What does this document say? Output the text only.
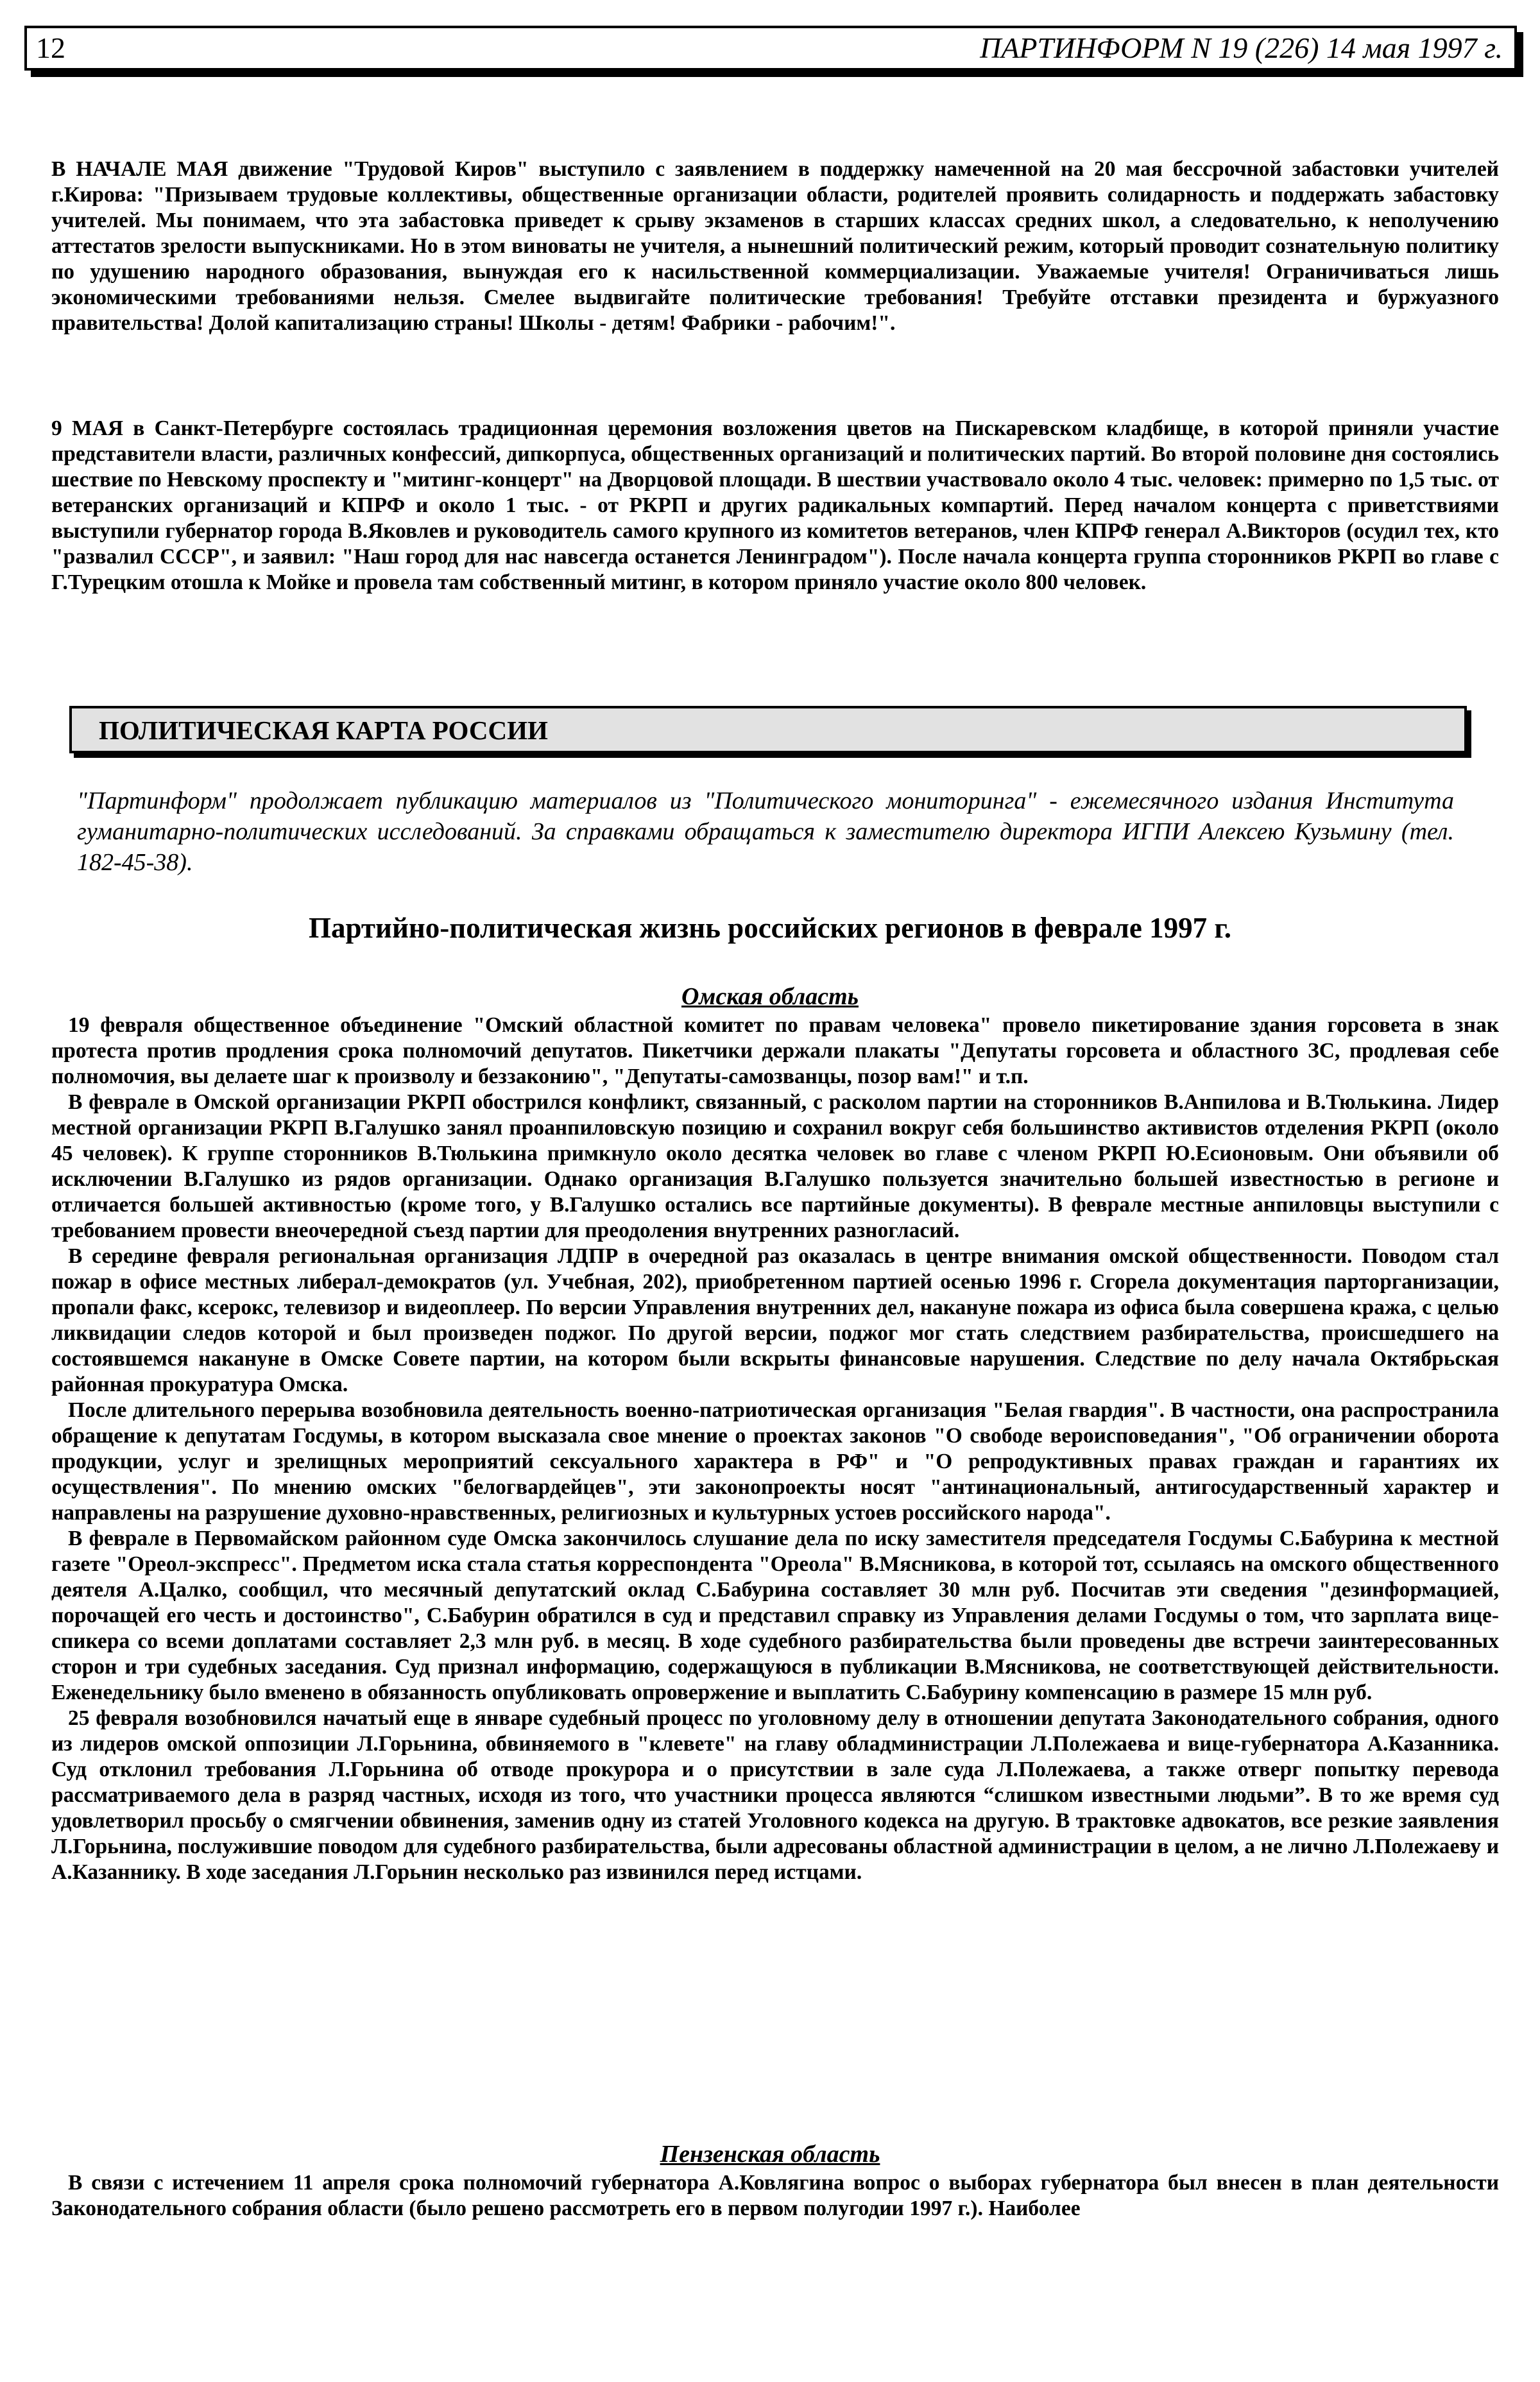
12	ПАРТИНФОРМ N 19 (226) 14 мая 1997 г.

В НАЧАЛЕ МАЯ движение "Трудовой Киров" выступило с заявлением в поддержку намеченной на 20 мая бессрочной забастовки учителей г.Кирова: "Призываем трудовые коллективы, общественные организации области, родителей проявить солидарность и поддержать забастовку учителей. Мы понимаем, что эта забастовка приведет к срыву экзаменов в старших классах средних школ, а следовательно, к неполучению аттестатов зрелости выпускниками. Но в этом виноваты не учителя, а нынешний политический режим, который проводит сознательную политику по удушению народного образования, вынуждая его к насильственной коммерциализации. Уважаемые учителя! Ограничиваться лишь экономическими требованиями нельзя. Смелее выдвигайте политические требования! Требуйте отставки президента и буржуазного правительства! Долой капитализацию страны! Школы - детям! Фабрики - рабочим!".

9 МАЯ в Санкт-Петербурге состоялась традиционная церемония возложения цветов на Пискаревском кладбище, в которой приняли участие представители власти, различных конфессий, дипкорпуса, общественных организаций и политических партий. Во второй половине дня состоялись шествие по Невскому проспекту и "митинг-концерт" на Дворцовой площади. В шествии участвовало около 4 тыс. человек: примерно по 1,5 тыс. от ветеранских организаций и КПРФ и около 1 тыс. - от РКРП и других радикальных компартий. Перед началом концерта с приветствиями выступили губернатор города В.Яковлев и руководитель самого крупного из комитетов ветеранов, член КПРФ генерал А.Викторов (осудил тех, кто "развалил СССР", и заявил: "Наш город для нас навсегда останется Ленинградом"). После начала концерта группа сторонников РКРП во главе с Г.Турецким отошла к Мойке и провела там собственный митинг, в котором приняло участие около 800 человек.

ПОЛИТИЧЕСКАЯ КАРТА РОССИИ

"Партинформ" продолжает публикацию материалов из "Политического мониторинга" - ежемесячного издания Института гуманитарно-политических исследований. За справками обращаться к заместителю директора ИГПИ Алексею Кузьмину (тел. 182-45-38).

Партийно-политическая жизнь российских регионов в феврале 1997 г.
Омская область

19 февраля общественное объединение "Омский областной комитет по правам человека" провело пикетирование здания горсовета в знак протеста против продления срока полномочий депутатов. Пикетчики держали плакаты "Депутаты горсовета и областного ЗС, продлевая себе полномочия, вы делаете шаг к произволу и беззаконию", "Депутаты-самозванцы, позор вам!" и т.п.

В феврале в Омской организации РКРП обострился конфликт, связанный, с расколом партии на сторонников В.Анпилова и В.Тюлькина. Лидер местной организации РКРП В.Галушко занял проанпиловскую позицию и сохранил вокруг себя большинство активистов отделения РКРП (около 45 человек). К группе сторонников В.Тюлькина примкнуло около десятка человек во главе с членом РКРП Ю.Есионовым. Они объявили об исключении В.Галушко из рядов организации. Однако организация В.Галушко пользуется значительно большей известностью в регионе и отличается большей активностью (кроме того, у В.Галушко остались все партийные документы). В феврале местные анпиловцы выступили с требованием провести внеочередной съезд партии для преодоления внутренних разногласий.

В середине февраля региональная организация ЛДПР в очередной раз оказалась в центре внимания омской общественности. Поводом стал пожар в офисе местных либерал-демократов (ул. Учебная, 202), приобретенном партией осенью 1996 г. Сгорела документация парторганизации, пропали факс, ксерокс, телевизор и видеоплеер. По версии Управления внутренних дел, накануне пожара из офиса была совершена кража, с целью ликвидации следов которой и был произведен поджог. По другой версии, поджог мог стать следствием разбирательства, происшедшего на состоявшемся накануне в Омске Совете партии, на котором были вскрыты финансовые нарушения. Следствие по делу начала Октябрьская районная прокуратура Омска.

После длительного перерыва возобновила деятельность военно-патриотическая организация "Белая гвардия". В частности, она распространила обращение к депутатам Госдумы, в котором высказала свое мнение о проектах законов "О свободе вероисповедания", "Об ограничении оборота продукции, услуг и зрелищных мероприятий сексуального характера в РФ" и "О репродуктивных правах граждан и гарантиях их осуществления". По мнению омских "белогвардейцев", эти законопроекты носят "антинациональный, антигосударственный характер и направлены на разрушение духовно-нравственных, религиозных и культурных устоев российского народа".

В феврале в Первомайском районном суде Омска закончилось слушание дела по иску заместителя председателя Госдумы С.Бабурина к местной газете "Ореол-экспресс". Предметом иска стала статья корреспондента "Ореола" В.Мясникова, в которой тот, ссылаясь на омского общественного деятеля А.Цалко, сообщил, что месячный депутатский оклад С.Бабурина составляет 30 млн руб. Посчитав эти сведения "дезинформацией, порочащей его честь и достоинство", С.Бабурин обратился в суд и представил справку из Управления делами Госдумы о том, что зарплата вице-спикера со всеми доплатами составляет 2,3 млн руб. в месяц. В ходе судебного разбирательства были проведены две встречи заинтересованных сторон и три судебных заседания. Суд признал информацию, содержащуюся в публикации В.Мясникова, не соответствующей действительности. Еженедельнику было вменено в обязанность опубликовать опровержение и выплатить С.Бабурину компенсацию в размере 15 млн руб.

25 февраля возобновился начатый еще в январе судебный процесс по уголовному делу в отношении депутата Законодательного собрания, одного из лидеров омской оппозиции Л.Горьнина, обвиняемого в "клевете" на главу обладминистрации Л.Полежаева и вице-губернатора А.Казанника. Суд отклонил требования Л.Горьнина об отводе прокурора и о присутствии в зале суда Л.Полежаева, а также отверг попытку перевода рассматриваемого дела в разряд частных, исходя из того, что участники процесса являются “слишком известными людьми”. В то же время суд удовлетворил просьбу о смягчении обвинения, заменив одну из статей Уголовного кодекса на другую. В трактовке адвокатов, все резкие заявления Л.Горьнина, послужившие поводом для судебного разбирательства, были адресованы областной администрации в целом, а не лично Л.Полежаеву и А.Казаннику. В ходе заседания Л.Горьнин несколько раз извинился перед истцами.

Пензенская область

В связи с истечением 11 апреля срока полномочий губернатора А.Ковлягина вопрос о выборах губернатора был внесен в план деятельности Законодательного собрания области (было решено рассмотреть его в первом полугодии 1997 г.). Наиболее
